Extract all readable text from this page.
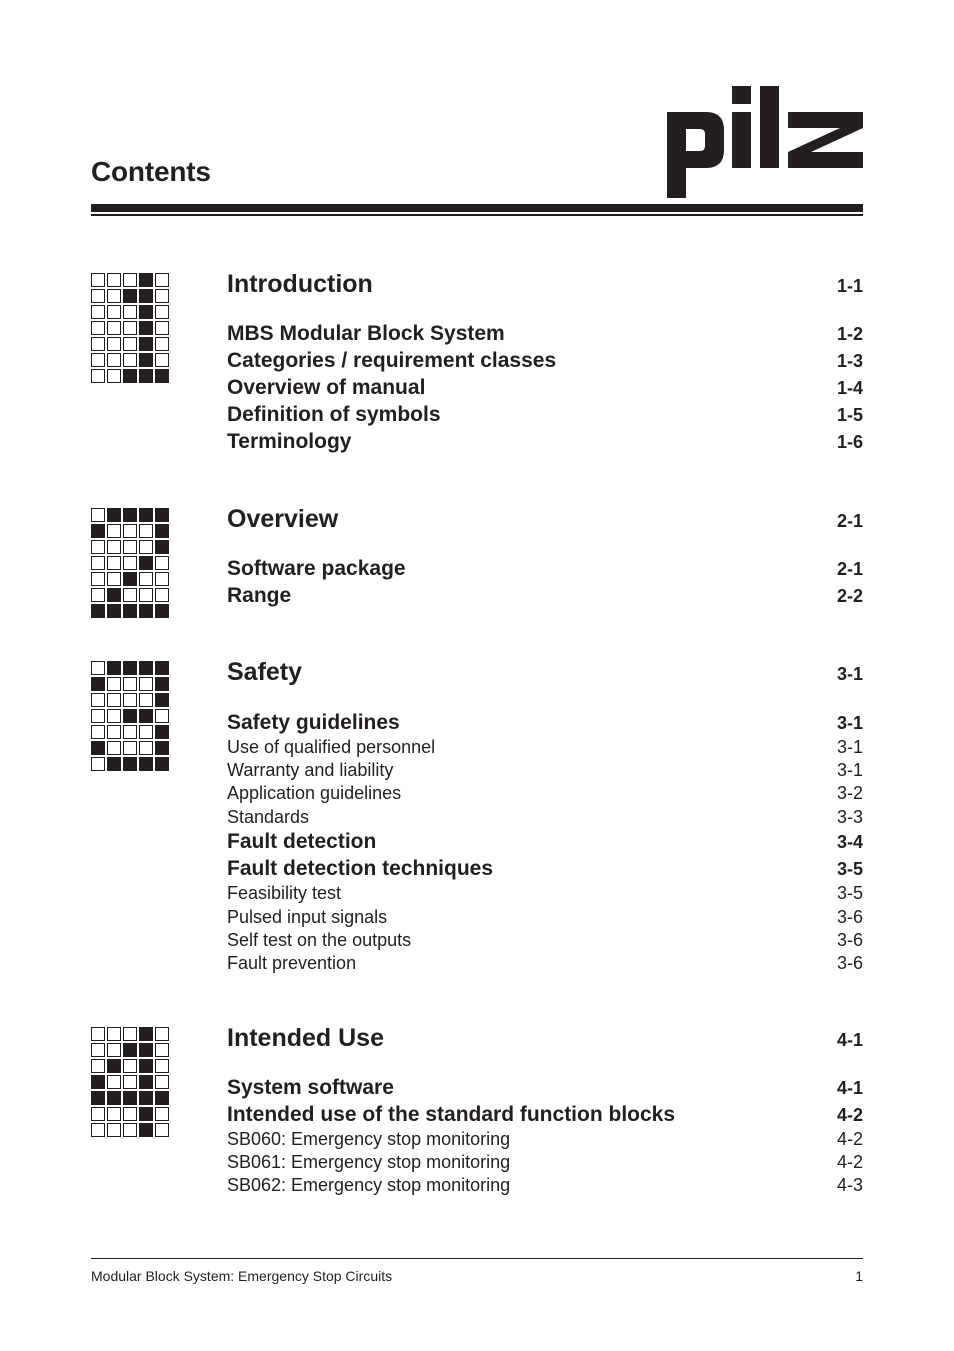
Contents
Introduction	1-1
MBS Modular Block System	1-2
Categories / requirement classes	1-3
Overview of manual	1-4
Definition of symbols	1-5
Terminology	1-6
Overview	2-1
Software package	2-1
Range	2-2
Safety	3-1
Safety guidelines	3-1
Use of qualified personnel	3-1
Warranty and liability	3-1
Application guidelines	3-2
Standards	3-3
Fault detection	3-4
Fault detection techniques	3-5
Feasibility test	3-5
Pulsed input signals	3-6
Self test on the outputs	3-6
Fault prevention	3-6
Intended Use	4-1
System software	4-1
Intended use of the standard function blocks	4-2
SB060: Emergency stop monitoring	4-2
SB061: Emergency stop monitoring	4-2
SB062: Emergency stop monitoring	4-3
Modular Block System: Emergency Stop Circuits	1
